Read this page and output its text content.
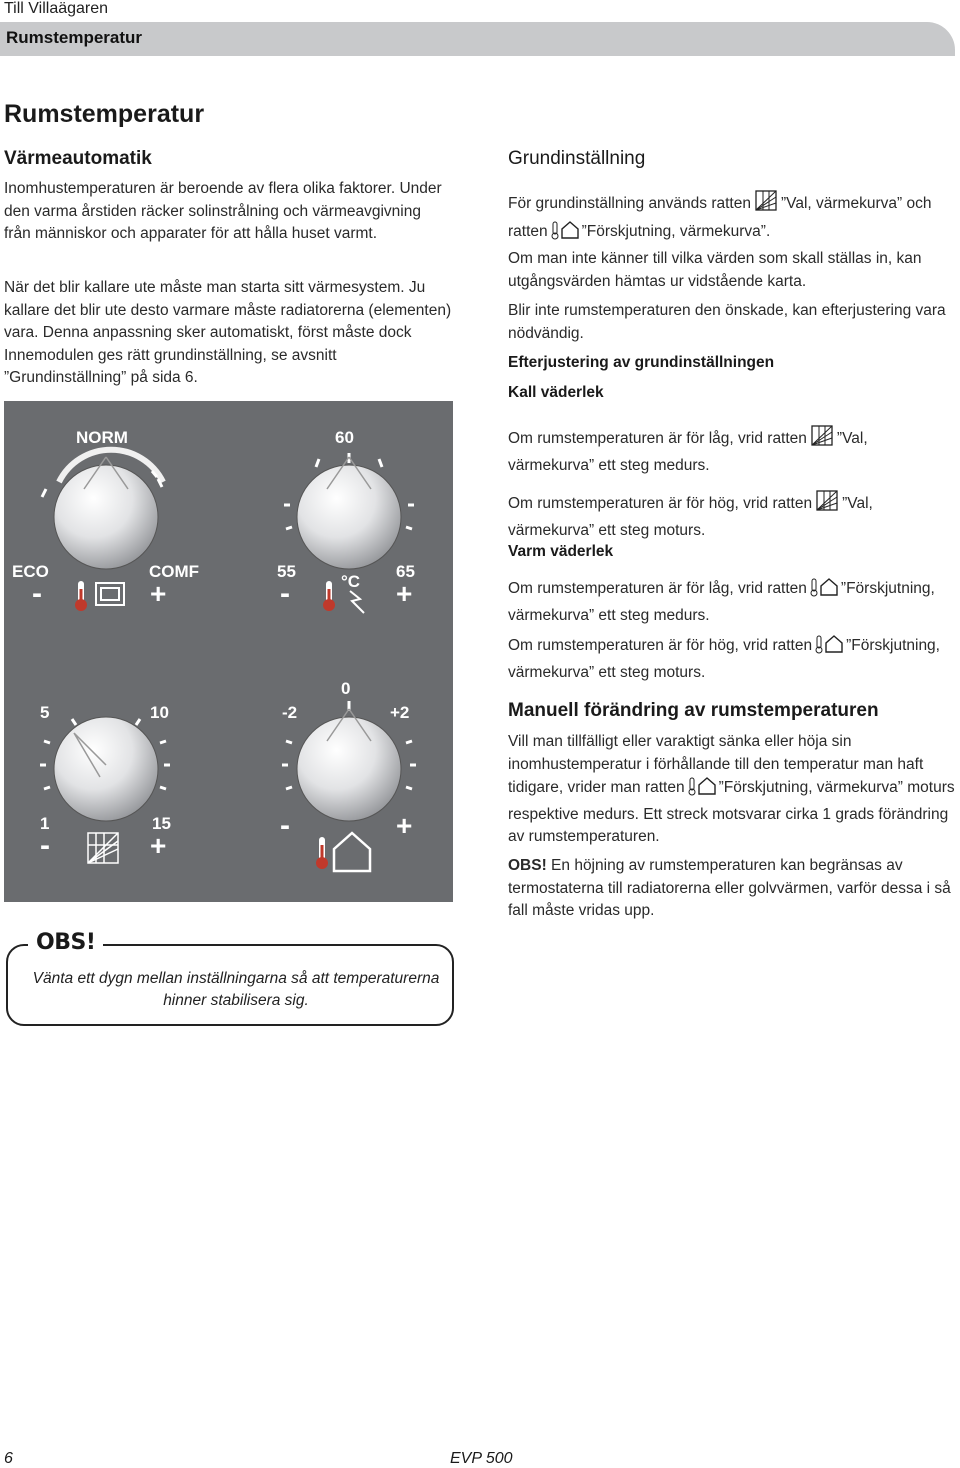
Till Villaägaren
Rumstemperatur
Rumstemperatur
Värmeautomatik

Inomhustemperaturen är beroende av flera olika faktorer. Under den varma årstiden räcker solinstrålning och värmeavgivning från människor och apparater för att hålla huset varmt.

När det blir kallare ute måste man starta sitt värmesystem. Ju kallare det blir ute desto varmare måste radiatorerna (elementen) vara. Denna anpassning sker automatiskt, först måste dock Innemodulen ges rätt grundinställning, se avsnitt ”Grundinställning” på sida 6.

NORM
ECO	COMF
-	+
60
55	65
°C
-	+
5	10
1	15
-	+
0
-2	+2
-	+
OBS!
Vänta ett dygn mellan inställningarna så att temperaturerna hinner stabilisera sig.
Grundinställning

För grundinställning används ratten ”Val, värmekurva” och ratten ”Förskjutning, värmekurva”.

Om man inte känner till vilka värden som skall ställas in, kan utgångsvärden hämtas ur vidstående karta.

Blir inte rumstemperaturen den önskade, kan efterjustering vara nödvändig.

Efterjustering av grundinställningen
Kall väderlek

Om rumstemperaturen är för låg, vrid ratten ”Val, värmekurva” ett steg medurs.

Om rumstemperaturen är för hög, vrid ratten ”Val, värmekurva” ett steg moturs.

Varm väderlek

Om rumstemperaturen är för låg, vrid ratten ”Förskjutning, värmekurva” ett steg medurs.

Om rumstemperaturen är för hög, vrid ratten ”Förskjutning, värmekurva” ett steg moturs.

Manuell förändring av rumstemperaturen

Vill man tillfälligt eller varaktigt sänka eller höja sin inomhustemperatur i förhållande till den temperatur man haft tidigare, vrider man ratten ”Förskjutning, värmekurva” moturs respektive medurs. Ett streck motsvarar cirka 1 grads förändring av rumstemperaturen.

OBS! En höjning av rumstemperaturen kan begränsas av termostaterna till radiatorerna eller golvvärmen, varför dessa i så fall måste vridas upp.

6	EVP 500
